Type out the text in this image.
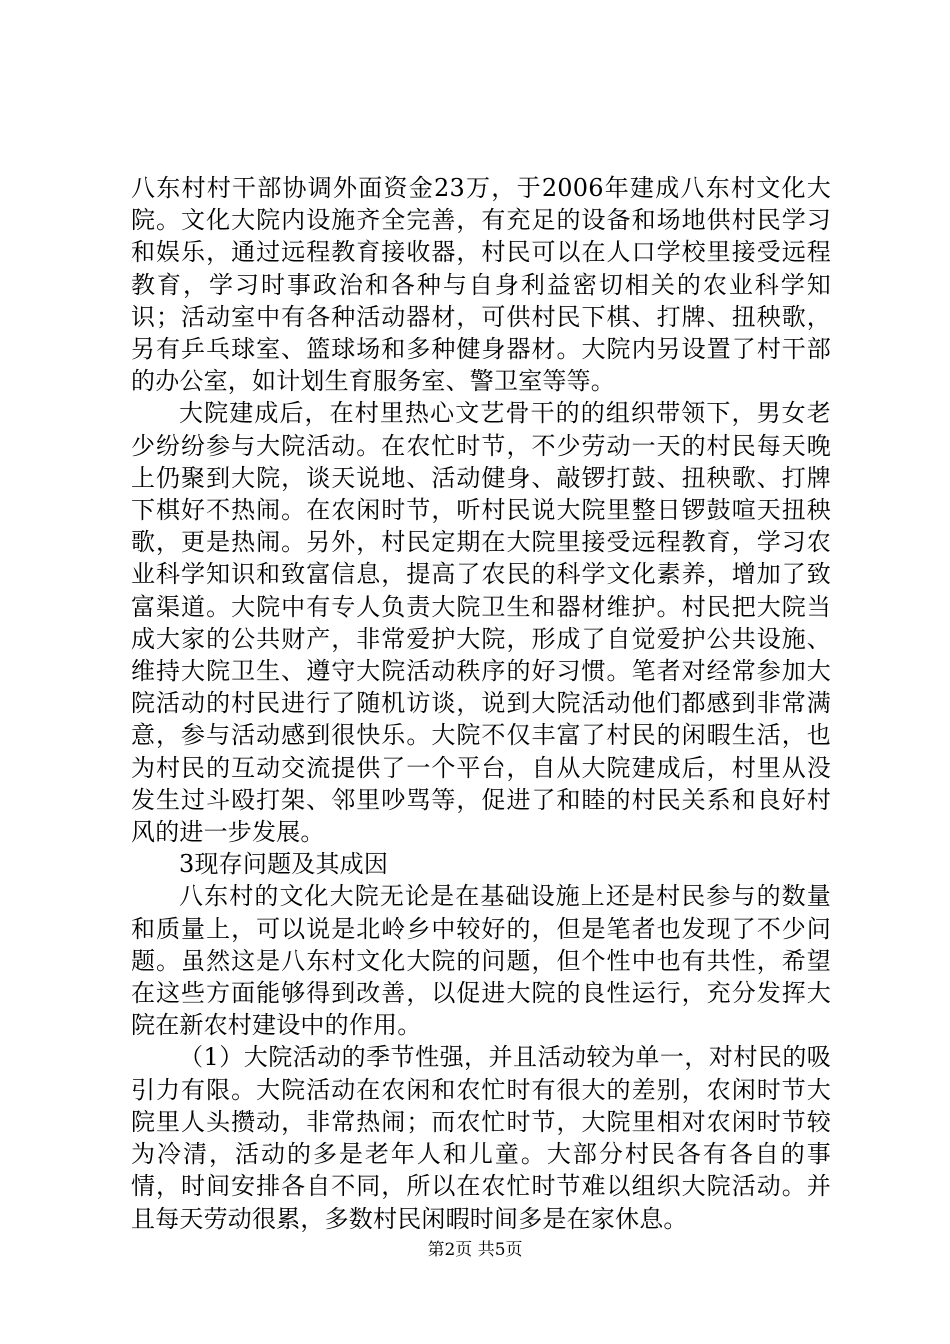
八东村村干部协调外面资金23万，于2006年建成八东村文化大院。文化大院内设施齐全完善，有充足的设备和场地供村民学习和娱乐，通过远程教育接收器，村民可以在人口学校里接受远程教育，学习时事政治和各种与自身利益密切相关的农业科学知识；活动室中有各种活动器材，可供村民下棋、打牌、扭秧歌，另有乒乓球室、篮球场和多种健身器材。大院内另设置了村干部的办公室，如计划生育服务室、警卫室等等。

大院建成后，在村里热心文艺骨干的的组织带领下，男女老少纷纷参与大院活动。在农忙时节，不少劳动一天的村民每天晚上仍聚到大院，谈天说地、活动健身、敲锣打鼓、扭秧歌、打牌下棋好不热闹。在农闲时节，听村民说大院里整日锣鼓喧天扭秧歌，更是热闹。另外，村民定期在大院里接受远程教育，学习农业科学知识和致富信息，提高了农民的科学文化素养，增加了致富渠道。大院中有专人负责大院卫生和器材维护。村民把大院当成大家的公共财产，非常爱护大院，形成了自觉爱护公共设施、维持大院卫生、遵守大院活动秩序的好习惯。笔者对经常参加大院活动的村民进行了随机访谈，说到大院活动他们都感到非常满意，参与活动感到很快乐。大院不仅丰富了村民的闲暇生活，也为村民的互动交流提供了一个平台，自从大院建成后，村里从没发生过斗殴打架、邻里吵骂等，促进了和睦的村民关系和良好村风的进一步发展。

3现存问题及其成因

八东村的文化大院无论是在基础设施上还是村民参与的数量和质量上，可以说是北岭乡中较好的，但是笔者也发现了不少问题。虽然这是八东村文化大院的问题，但个性中也有共性，希望在这些方面能够得到改善，以促进大院的良性运行，充分发挥大院在新农村建设中的作用。

（1）大院活动的季节性强，并且活动较为单一，对村民的吸引力有限。大院活动在农闲和农忙时有很大的差别，农闲时节大院里人头攒动，非常热闹；而农忙时节，大院里相对农闲时节较为冷清，活动的多是老年人和儿童。大部分村民各有各自的事情，时间安排各自不同，所以在农忙时节难以组织大院活动。并且每天劳动很累，多数村民闲暇时间多是在家休息。

第2页 共5页
